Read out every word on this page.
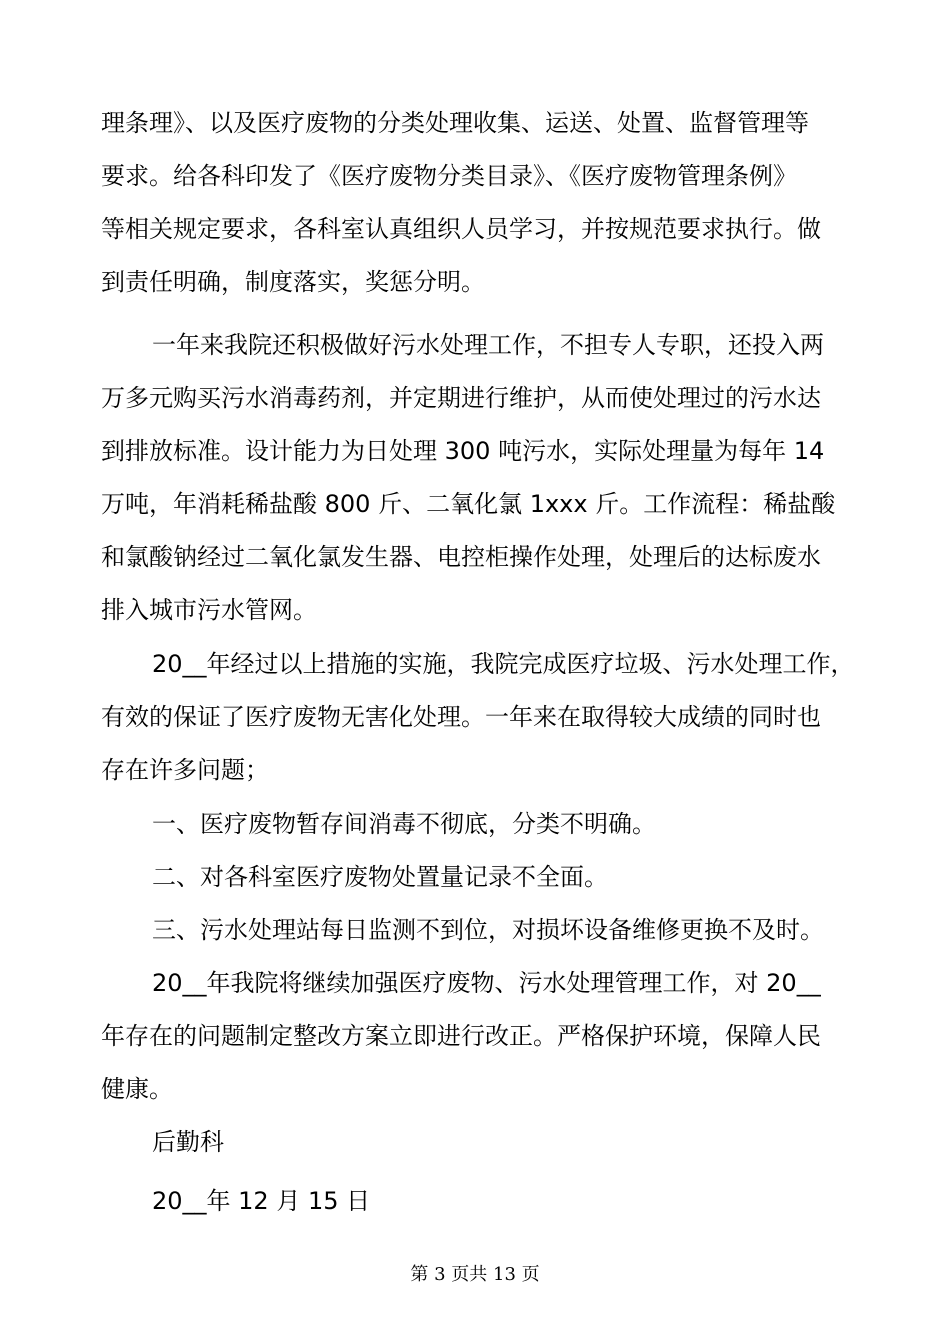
理条理》、以及医疗废物的分类处理收集、运送、处置、监督管理等
要求。给各科印发了《医疗废物分类目录》、《医疗废物管理条例》
等相关规定要求，各科室认真组织人员学习，并按规范要求执行。做
到责任明确，制度落实，奖惩分明。
一年来我院还积极做好污水处理工作，不担专人专职，还投入两
万多元购买污水消毒药剂，并定期进行维护，从而使处理过的污水达
到排放标准。设计能力为日处理 300 吨污水，实际处理量为每年 14
万吨，年消耗稀盐酸 800 斤、二氧化氯 1xxx 斤。工作流程：稀盐酸
和氯酸钠经过二氧化氯发生器、电控柜操作处理，处理后的达标废水
排入城市污水管网。
20__年经过以上措施的实施，我院完成医疗垃圾、污水处理工作，
有效的保证了医疗废物无害化处理。一年来在取得较大成绩的同时也
存在许多问题；
一、医疗废物暂存间消毒不彻底，分类不明确。
二、对各科室医疗废物处置量记录不全面。
三、污水处理站每日监测不到位，对损坏设备维修更换不及时。
20__年我院将继续加强医疗废物、污水处理管理工作，对 20__
年存在的问题制定整改方案立即进行改正。严格保护环境，保障人民
健康。
后勤科
20__年 12 月 15 日
第 3 页共 13 页
